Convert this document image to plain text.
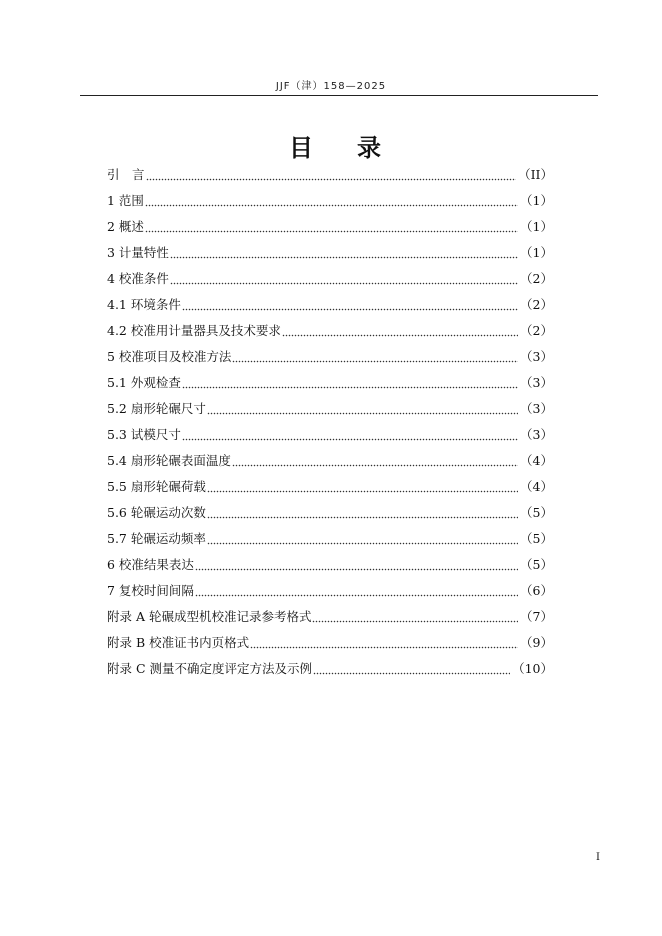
JJF（津）158—2025
目　录
引　言	（II）
1 范围	（1）
2 概述	（1）
3 计量特性	（1）
4 校准条件	（2）
4.1 环境条件	（2）
4.2 校准用计量器具及技术要求	（2）
5 校准项目及校准方法	（3）
5.1 外观检查	（3）
5.2 扇形轮碾尺寸	（3）
5.3 试模尺寸	（3）
5.4 扇形轮碾表面温度	（4）
5.5 扇形轮碾荷载	（4）
5.6 轮碾运动次数	（5）
5.7 轮碾运动频率	（5）
6 校准结果表达	（5）
7 复校时间间隔	（6）
附录 A 轮碾成型机校准记录参考格式	（7）
附录 B 校准证书内页格式	（9）
附录 C 测量不确定度评定方法及示例	（10）
I
